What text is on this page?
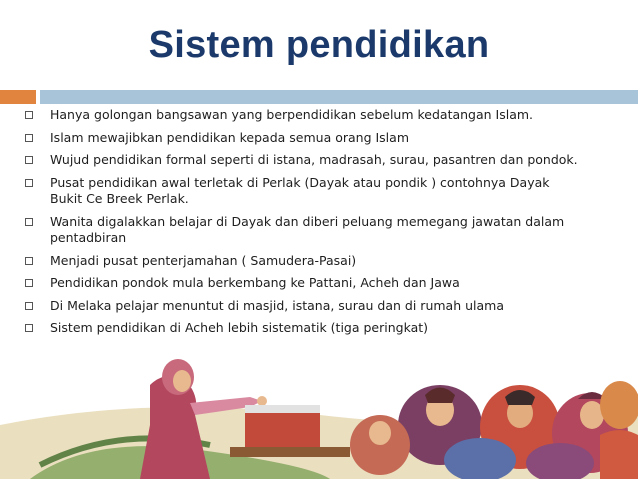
Sistem pendidikan
Hanya golongan bangsawan yang berpendidikan sebelum kedatangan Islam.
Islam mewajibkan pendidikan kepada semua orang Islam
Wujud pendidikan formal seperti di istana, madrasah, surau, pasantren dan pondok.
Pusat pendidikan awal terletak di Perlak (Dayak atau pondik ) contohnya Dayak Bukit Ce Breek Perlak.
Wanita digalakkan belajar di Dayak dan diberi peluang memegang jawatan dalam pentadbiran
Menjadi pusat penterjamahan ( Samudera-Pasai)
Pendidikan pondok mula berkembang ke Pattani, Acheh dan Jawa
Di Melaka pelajar menuntut di masjid, istana, surau dan di rumah ulama
Sistem pendidikan di Acheh lebih sistematik (tiga peringkat)
